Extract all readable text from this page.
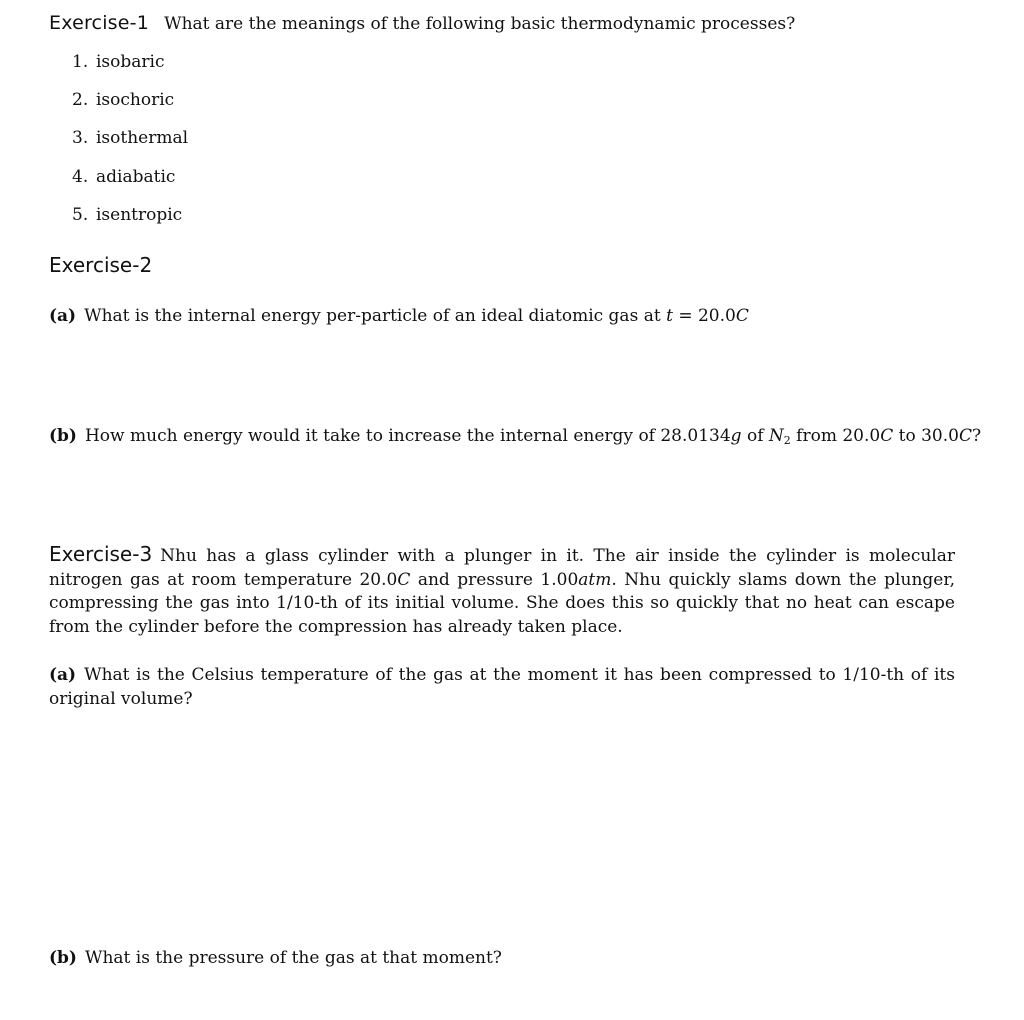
Exercise-1 What are the meanings of the following basic thermodynamic processes?
1. isobaric
2. isochoric
3. isothermal
4. adiabatic
5. isentropic
Exercise-2
(a) What is the internal energy per-particle of an ideal diatomic gas at t = 20.0C
(b) How much energy would it take to increase the internal energy of 28.0134g of $N_2$ from 20.0C to 30.0C?
Exercise-3 Nhu has a glass cylinder with a plunger in it. The air inside the cylinder is molecular nitrogen gas at room temperature 20.0C and pressure 1.00atm. Nhu quickly slams down the plunger, compressing the gas into 1/10-th of its initial volume. She does this so quickly that no heat can escape from the cylinder before the compression has already taken place.
(a) What is the Celsius temperature of the gas at the moment it has been compressed to 1/10-th of its original volume?
(b) What is the pressure of the gas at that moment?
